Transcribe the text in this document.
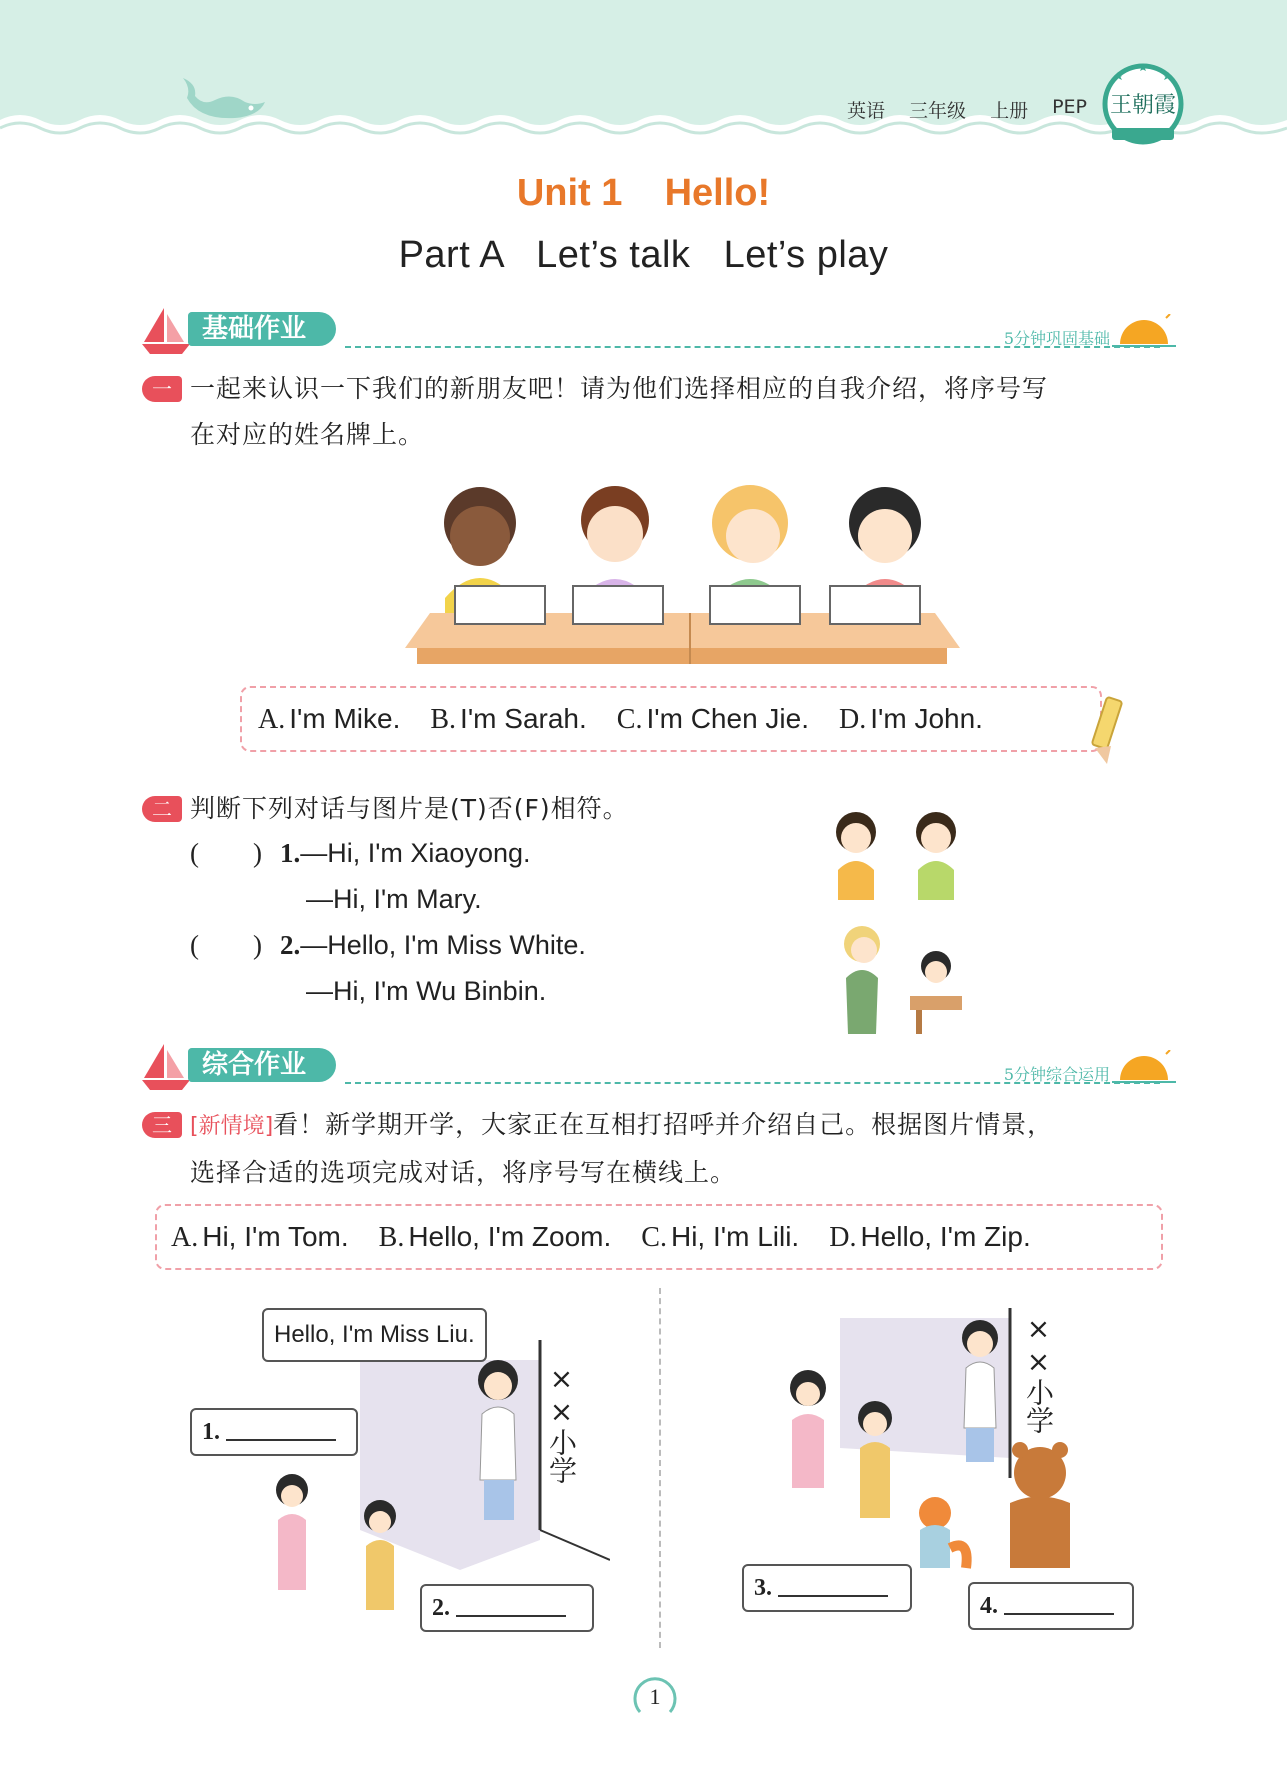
英语 三年级 上册 PEP 王朝霞
Unit 1    Hello!
Part A   Let’s talk   Let’s play
基础作业	5分钟巩固基础
一 一起来认识一下我们的新朋友吧！请为他们选择相应的自我介绍，将序号写
在对应的姓名牌上。
A. I'm Mike. B. I'm Sarah. C. I'm Chen Jie. D. I'm John.
二 判断下列对话与图片是(T)否(F)相符。
(        ) 1.—Hi, I'm Xiaoyong.
—Hi, I'm Mary.
(        ) 2.—Hello, I'm Miss White.
—Hi, I'm Wu Binbin.
综合作业	5分钟综合运用
三 [新情境]看！新学期开学，大家正在互相打招呼并介绍自己。根据图片情景，
选择合适的选项完成对话，将序号写在横线上。
A. Hi, I'm Tom. B. Hello, I'm Zoom. C. Hi, I'm Lili. D. Hello, I'm Zip.
××小学
Hello, I'm Miss Liu.
1.
2.
××小学
3.
4.
1
